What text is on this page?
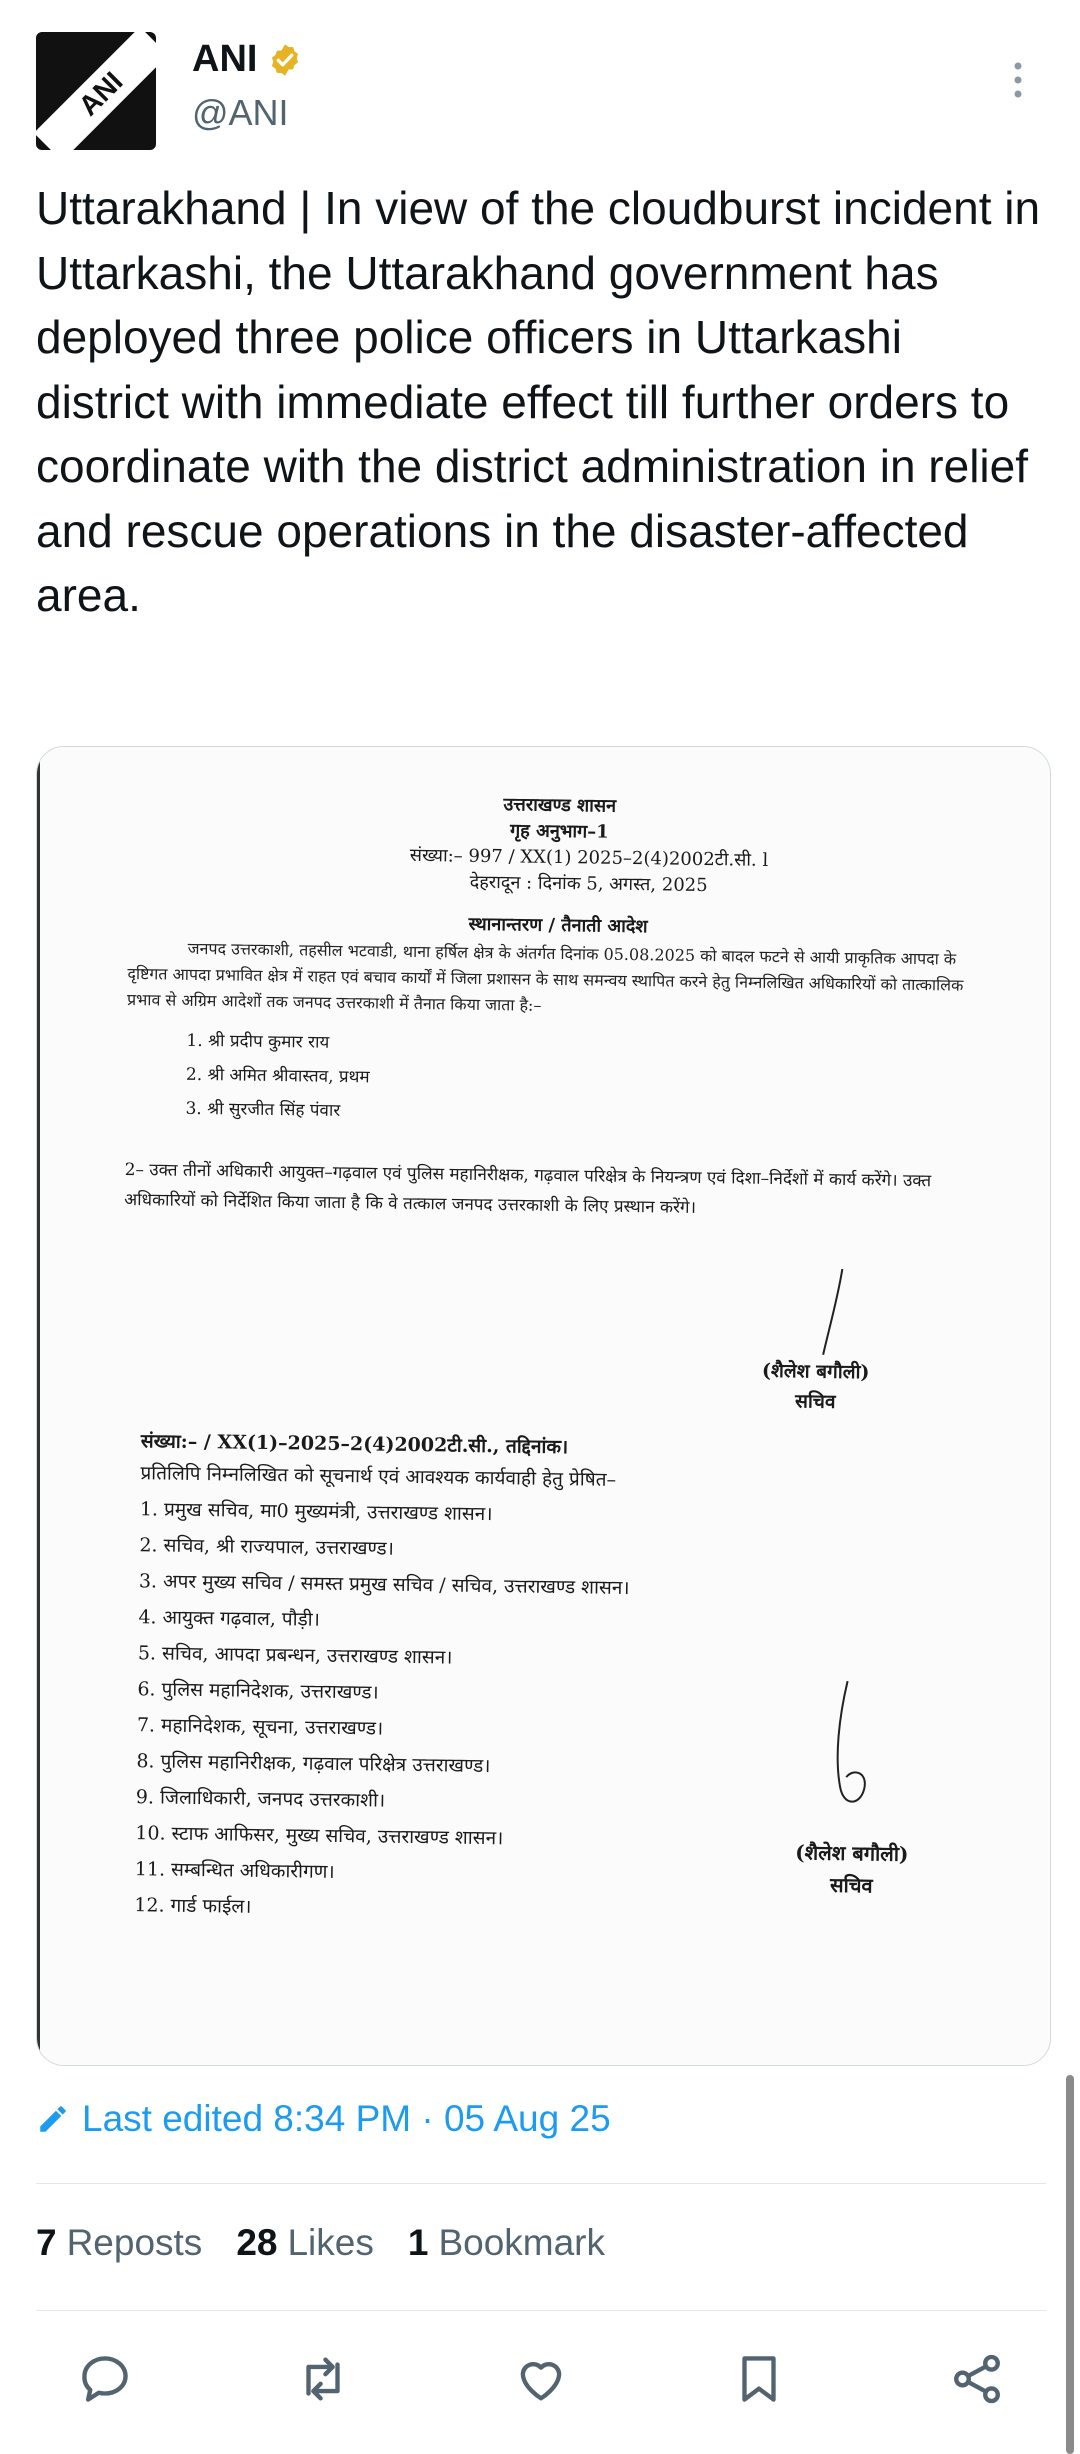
ANI
ANI
@ANI

Uttarakhand | In view of the cloudburst incident in Uttarkashi, the Uttarakhand government has deployed three police officers in Uttarkashi district with immediate effect till further orders to coordinate with the district administration in relief and rescue operations in the disaster-affected area.

उत्तराखण्ड शासन
गृह अनुभाग–1
संख्या:– 997 / XX(1) 2025–2(4)2002टी.सी. l
देहरादून : दिनांक 5, अगस्त, 2025
स्थानान्तरण / तैनाती आदेश
जनपद उत्तरकाशी, तहसील भटवाडी, थाना हर्षिल क्षेत्र के अंतर्गत दिनांक 05.08.2025 को बादल फटने से आयी प्राकृतिक आपदा के दृष्टिगत आपदा प्रभावित क्षेत्र में राहत एवं बचाव कार्यों में जिला प्रशासन के साथ समन्वय स्थापित करने हेतु निम्नलिखित अधिकारियों को तात्कालिक प्रभाव से अग्रिम आदेशों तक जनपद उत्तरकाशी में तैनात किया जाता है:–
1. श्री प्रदीप कुमार राय
2. श्री अमित श्रीवास्तव, प्रथम
3. श्री सुरजीत सिंह पंवार
2– उक्त तीनों अधिकारी आयुक्त–गढ़वाल एवं पुलिस महानिरीक्षक, गढ़वाल परिक्षेत्र के नियन्त्रण एवं दिशा–निर्देशों में कार्य करेंगे। उक्त अधिकारियों को निर्देशित किया जाता है कि वे तत्काल जनपद उत्तरकाशी के लिए प्रस्थान करेंगे।
(शैलेश बगौली)
सचिव
संख्या:– / XX(1)–2025–2(4)2002टी.सी., तद्दिनांक।
प्रतिलिपि निम्नलिखित को सूचनार्थ एवं आवश्यक कार्यवाही हेतु प्रेषित–
1. प्रमुख सचिव, मा0 मुख्यमंत्री, उत्तराखण्ड शासन।
2. सचिव, श्री राज्यपाल, उत्तराखण्ड।
3. अपर मुख्य सचिव / समस्त प्रमुख सचिव / सचिव, उत्तराखण्ड शासन।
4. आयुक्त गढ़वाल, पौड़ी।
5. सचिव, आपदा प्रबन्धन, उत्तराखण्ड शासन।
6. पुलिस महानिदेशक, उत्तराखण्ड।
7. महानिदेशक, सूचना, उत्तराखण्ड।
8. पुलिस महानिरीक्षक, गढ़वाल परिक्षेत्र उत्तराखण्ड।
9. जिलाधिकारी, जनपद उत्तरकाशी।
10. स्टाफ आफिसर, मुख्य सचिव, उत्तराखण्ड शासन।
11. सम्बन्धित अधिकारीगण।
12. गार्ड फाईल।
(शैलेश बगौली)
सचिव
Last edited 8:34 PM · 05 Aug 25
7 Reposts 28 Likes 1 Bookmark
